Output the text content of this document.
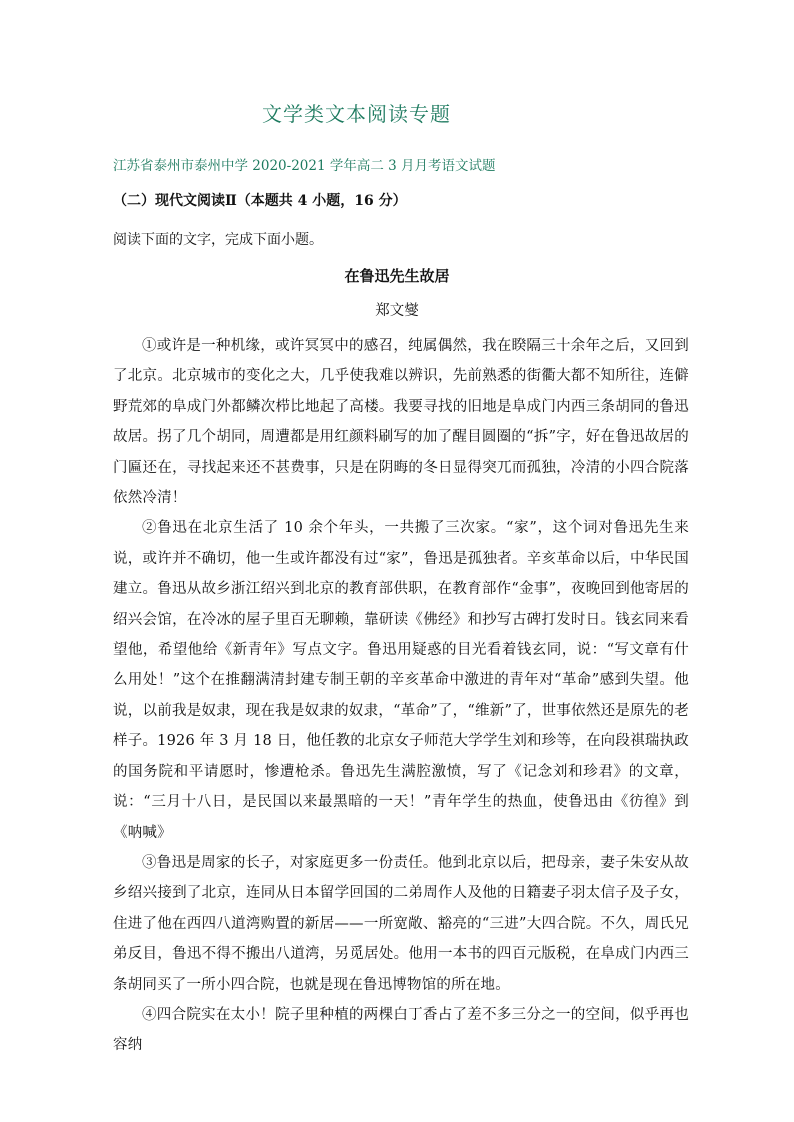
文学类文本阅读专题
江苏省泰州市泰州中学 2020-2021 学年高二 3 月月考语文试题
（二）现代文阅读Ⅱ（本题共 4 小题，16 分）
阅读下面的文字，完成下面小题。
在鲁迅先生故居
郑文燮

①或许是一种机缘，或许冥冥中的感召，纯属偶然，我在睽隔三十余年之后，又回到了北京。北京城市的变化之大，几乎使我难以辨识，先前熟悉的街衢大都不知所往，连僻野荒郊的阜成门外都鳞次栉比地起了高楼。我要寻找的旧地是阜成门内西三条胡同的鲁迅故居。拐了几个胡同，周遭都是用红颜料刷写的加了醒目圆圈的“拆”字，好在鲁迅故居的门匾还在，寻找起来还不甚费事，只是在阴晦的冬日显得突兀而孤独，冷清的小四合院落依然冷清！

②鲁迅在北京生活了 10 余个年头，一共搬了三次家。“家”，这个词对鲁迅先生来说，或许并不确切，他一生或许都没有过“家”，鲁迅是孤独者。辛亥革命以后，中华民国建立。鲁迅从故乡浙江绍兴到北京的教育部供职，在教育部作“金事”，夜晚回到他寄居的绍兴会馆，在冷冰的屋子里百无聊赖，靠研读《佛经》和抄写古碑打发时日。钱玄同来看望他，希望他给《新青年》写点文字。鲁迅用疑惑的目光看着钱玄同，说：“写文章有什么用处！”这个在推翻满清封建专制王朝的辛亥革命中激进的青年对“革命”感到失望。他说，以前我是奴隶，现在我是奴隶的奴隶，“革命”了，“维新”了，世事依然还是原先的老样子。1926 年 3 月 18 日，他任教的北京女子师范大学学生刘和珍等，在向段祺瑞执政的国务院和平请愿时，惨遭枪杀。鲁迅先生满腔激愤，写了《记念刘和珍君》的文章，说：“三月十八日，是民国以来最黑暗的一天！”青年学生的热血，使鲁迅由《彷徨》到《呐喊》

③鲁迅是周家的长子，对家庭更多一份责任。他到北京以后，把母亲，妻子朱安从故乡绍兴接到了北京，连同从日本留学回国的二弟周作人及他的日籍妻子羽太信子及子女，住进了他在西四八道湾购置的新居——一所宽敞、豁亮的“三进”大四合院。不久，周氏兄弟反目，鲁迅不得不搬出八道湾，另觅居处。他用一本书的四百元版税，在阜成门内西三条胡同买了一所小四合院，也就是现在鲁迅博物馆的所在地。

④四合院实在太小！院子里种植的两棵白丁香占了差不多三分之一的空间，似乎再也容纳
